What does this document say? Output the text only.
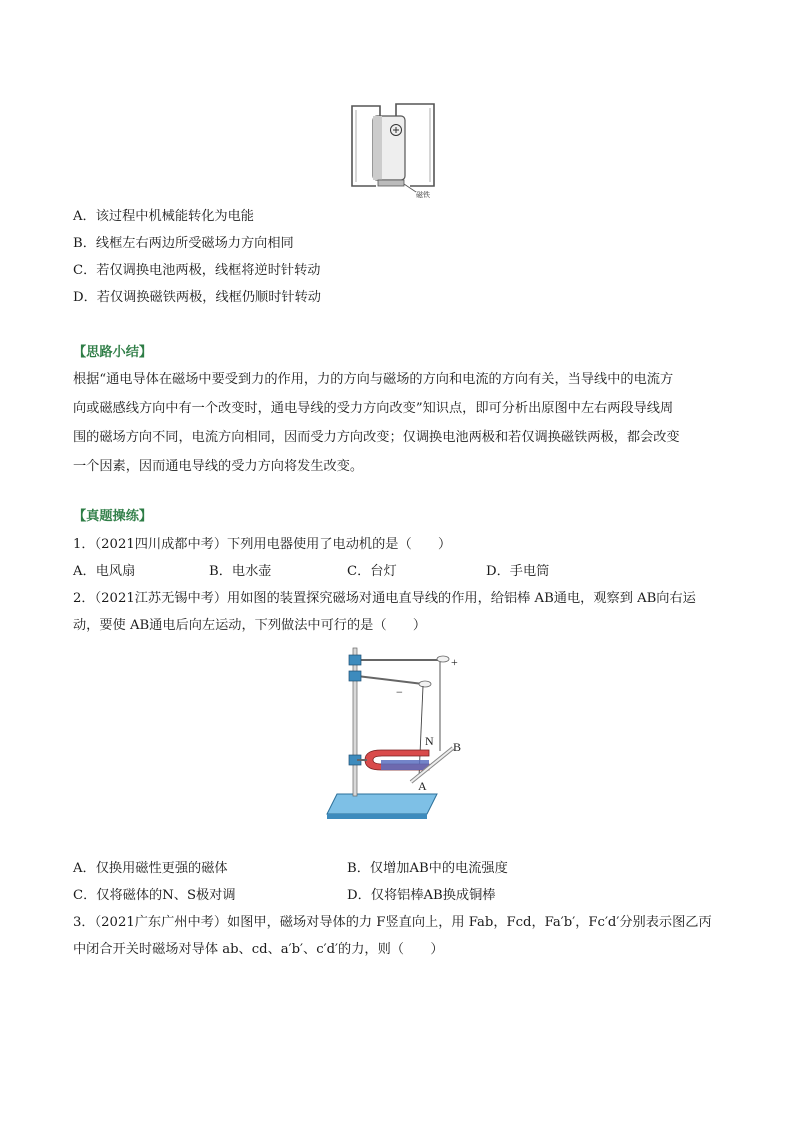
磁铁
A．该过程中机械能转化为电能
B．线框左右两边所受磁场力方向相同
C．若仅调换电池两极，线框将逆时针转动
D．若仅调换磁铁两极，线框仍顺时针转动
【思路小结】
根据“通电导体在磁场中要受到力的作用，力的方向与磁场的方向和电流的方向有关，当导线中的电流方
向或磁感线方向中有一个改变时，通电导线的受力方向改变”知识点，即可分析出原图中左右两段导线周
围的磁场方向不同，电流方向相同，因而受力方向改变；仅调换电池两极和若仅调换磁铁两极，都会改变
一个因素，因而通电导线的受力方向将发生改变。
【真题操练】
1．（2021四川成都中考）下列用电器使用了电动机的是（　　）
A．电风扇	B．电水壶	C．台灯	D．手电筒
2．（2021江苏无锡中考）用如图的装置探究磁场对通电直导线的作用，给铝棒 AB通电，观察到 AB向右运
动，要使 AB通电后向左运动，下列做法中可行的是（　　）
+
−
N B
A
A．仅换用磁性更强的磁体	B．仅增加AB中的电流强度
C．仅将磁体的N、S极对调	D．仅将铝棒AB换成铜棒
3．（2021广东广州中考）如图甲，磁场对导体的力 F竖直向上，用 Fab，Fcd，Fa′b′，Fc′d′分别表示图乙丙
中闭合开关时磁场对导体 ab、cd、a′b′、c′d′的力，则（　　）
